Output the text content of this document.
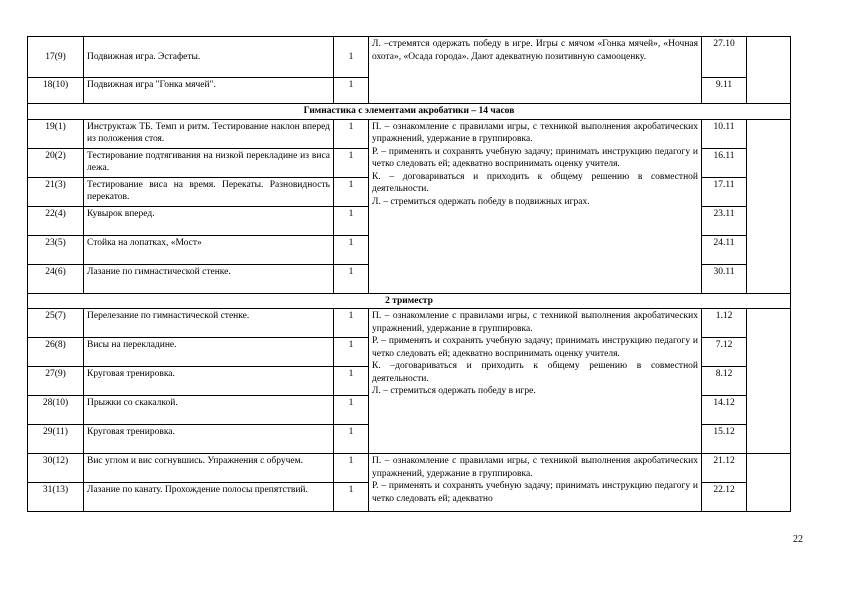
17(9)	Подвижная игра. Эстафеты.	1	Л. –стремятся одержать победу в игре. Игры с мячом «Гонка мячей», «Ночная охота», «Осада города». Дают адекватную позитивную самооценку.	27.10	
18(10)	Подвижная игра "Гонка мячей".	1		9.11	
Гимнастика с элементами акробатики – 14 часов					
19(1)	Инструктаж ТБ. Темп и ритм. Тестирование наклон вперед из положения стоя.	1	П. – ознакомление с правилами игры, с техникой выполнения акробатических упражнений, удержание в группировка.
Р. – применять и сохранять учебную задачу; принимать инструкцию педагогу и четко следовать ей; адекватно воспринимать оценку учителя.
К. – договариваться и приходить к общему решению в совместной деятельности.
Л. – стремиться одержать победу в подвижных играх.	10.11	
20(2)	Тестирование подтягивания на низкой перекладине из виса лежа.	1		16.11	
21(3)	Тестирование виса на время. Перекаты. Разновидность перекатов.	1		17.11	
22(4)	Кувырок вперед.	1		23.11	
23(5)	Стойка на лопатках, «Мост»	1		24.11	
24(6)	Лазание по гимнастической стенке.	1		30.11	
2 триместр					
25(7)	Перелезание по гимнастической стенке.	1	П. – ознакомление с правилами игры, с техникой выполнения акробатических упражнений, удержание в группировка.
Р. – применять и сохранять учебную задачу; принимать инструкцию педагогу и четко следовать ей; адекватно воспринимать оценку учителя.
К. –договариваться и приходить к общему решению в совместной деятельности.
Л. – стремиться одержать победу в игре.	1.12	
26(8)	Висы на перекладине.	1		7.12	
27(9)	Круговая тренировка.	1		8.12	
28(10)	Прыжки со скакалкой.	1		14.12	
29(11)	Круговая тренировка.	1		15.12	
30(12)	Вис углом и вис согнувшись. Упражнения с обручем.	1	П. – ознакомление с правилами игры, с техникой выполнения акробатических упражнений, удержание в группировка.
Р. – применять и сохранять учебную задачу; принимать инструкцию педагогу и четко следовать ей; адекватно	21.12	
31(13)	Лазание по канату. Прохождение полосы препятствий.	1		22.12	
22
